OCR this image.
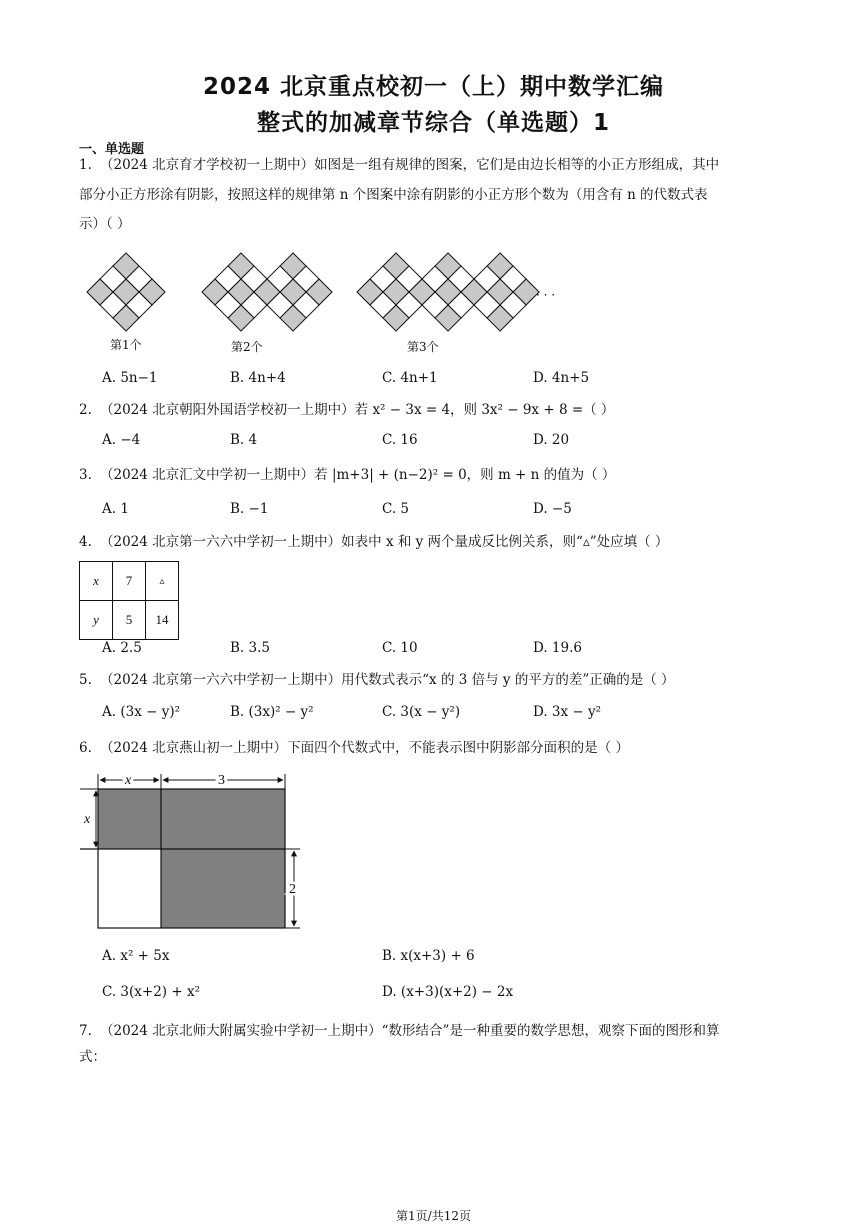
2024 北京重点校初一（上）期中数学汇编
整式的加减章节综合（单选题）1
一、单选题
1. （2024 北京育才学校初一上期中）如图是一组有规律的图案，它们是由边长相等的小正方形组成，其中
部分小正方形涂有阴影，按照这样的规律第 n 个图案中涂有阴影的小正方形个数为（用含有 n 的代数式表
示）（ ）
· · ·
第1个	第2个	第3个
A. 5n−1	B. 4n+4	C. 4n+1	D. 4n+5
2. （2024 北京朝阳外国语学校初一上期中）若 x² − 3x = 4，则 3x² − 9x + 8 =（ ）
A. −4	B. 4	C. 16	D. 20
3. （2024 北京汇文中学初一上期中）若 |m+3| + (n−2)² = 0，则 m + n 的值为（ ）
A. 1	B. −1	C. 5	D. −5
4. （2024 北京第一六六中学初一上期中）如表中 x 和 y 两个量成反比例关系，则“▵”处应填（ ）
x	7	▵
y	5	14
A. 2.5	B. 3.5	C. 10	D. 19.6
5. （2024 北京第一六六中学初一上期中）用代数式表示“x 的 3 倍与 y 的平方的差”正确的是（ ）
A. (3x − y)²	B. (3x)² − y²	C. 3(x − y²)	D. 3x − y²
6. （2024 北京燕山初一上期中）下面四个代数式中，不能表示图中阴影部分面积的是（ ）
x	3
x
2
A. x² + 5x	B. x(x+3) + 6
C. 3(x+2) + x²	D. (x+3)(x+2) − 2x
7. （2024 北京北师大附属实验中学初一上期中）“数形结合”是一种重要的数学思想，观察下面的图形和算
式：
第1页/共12页
